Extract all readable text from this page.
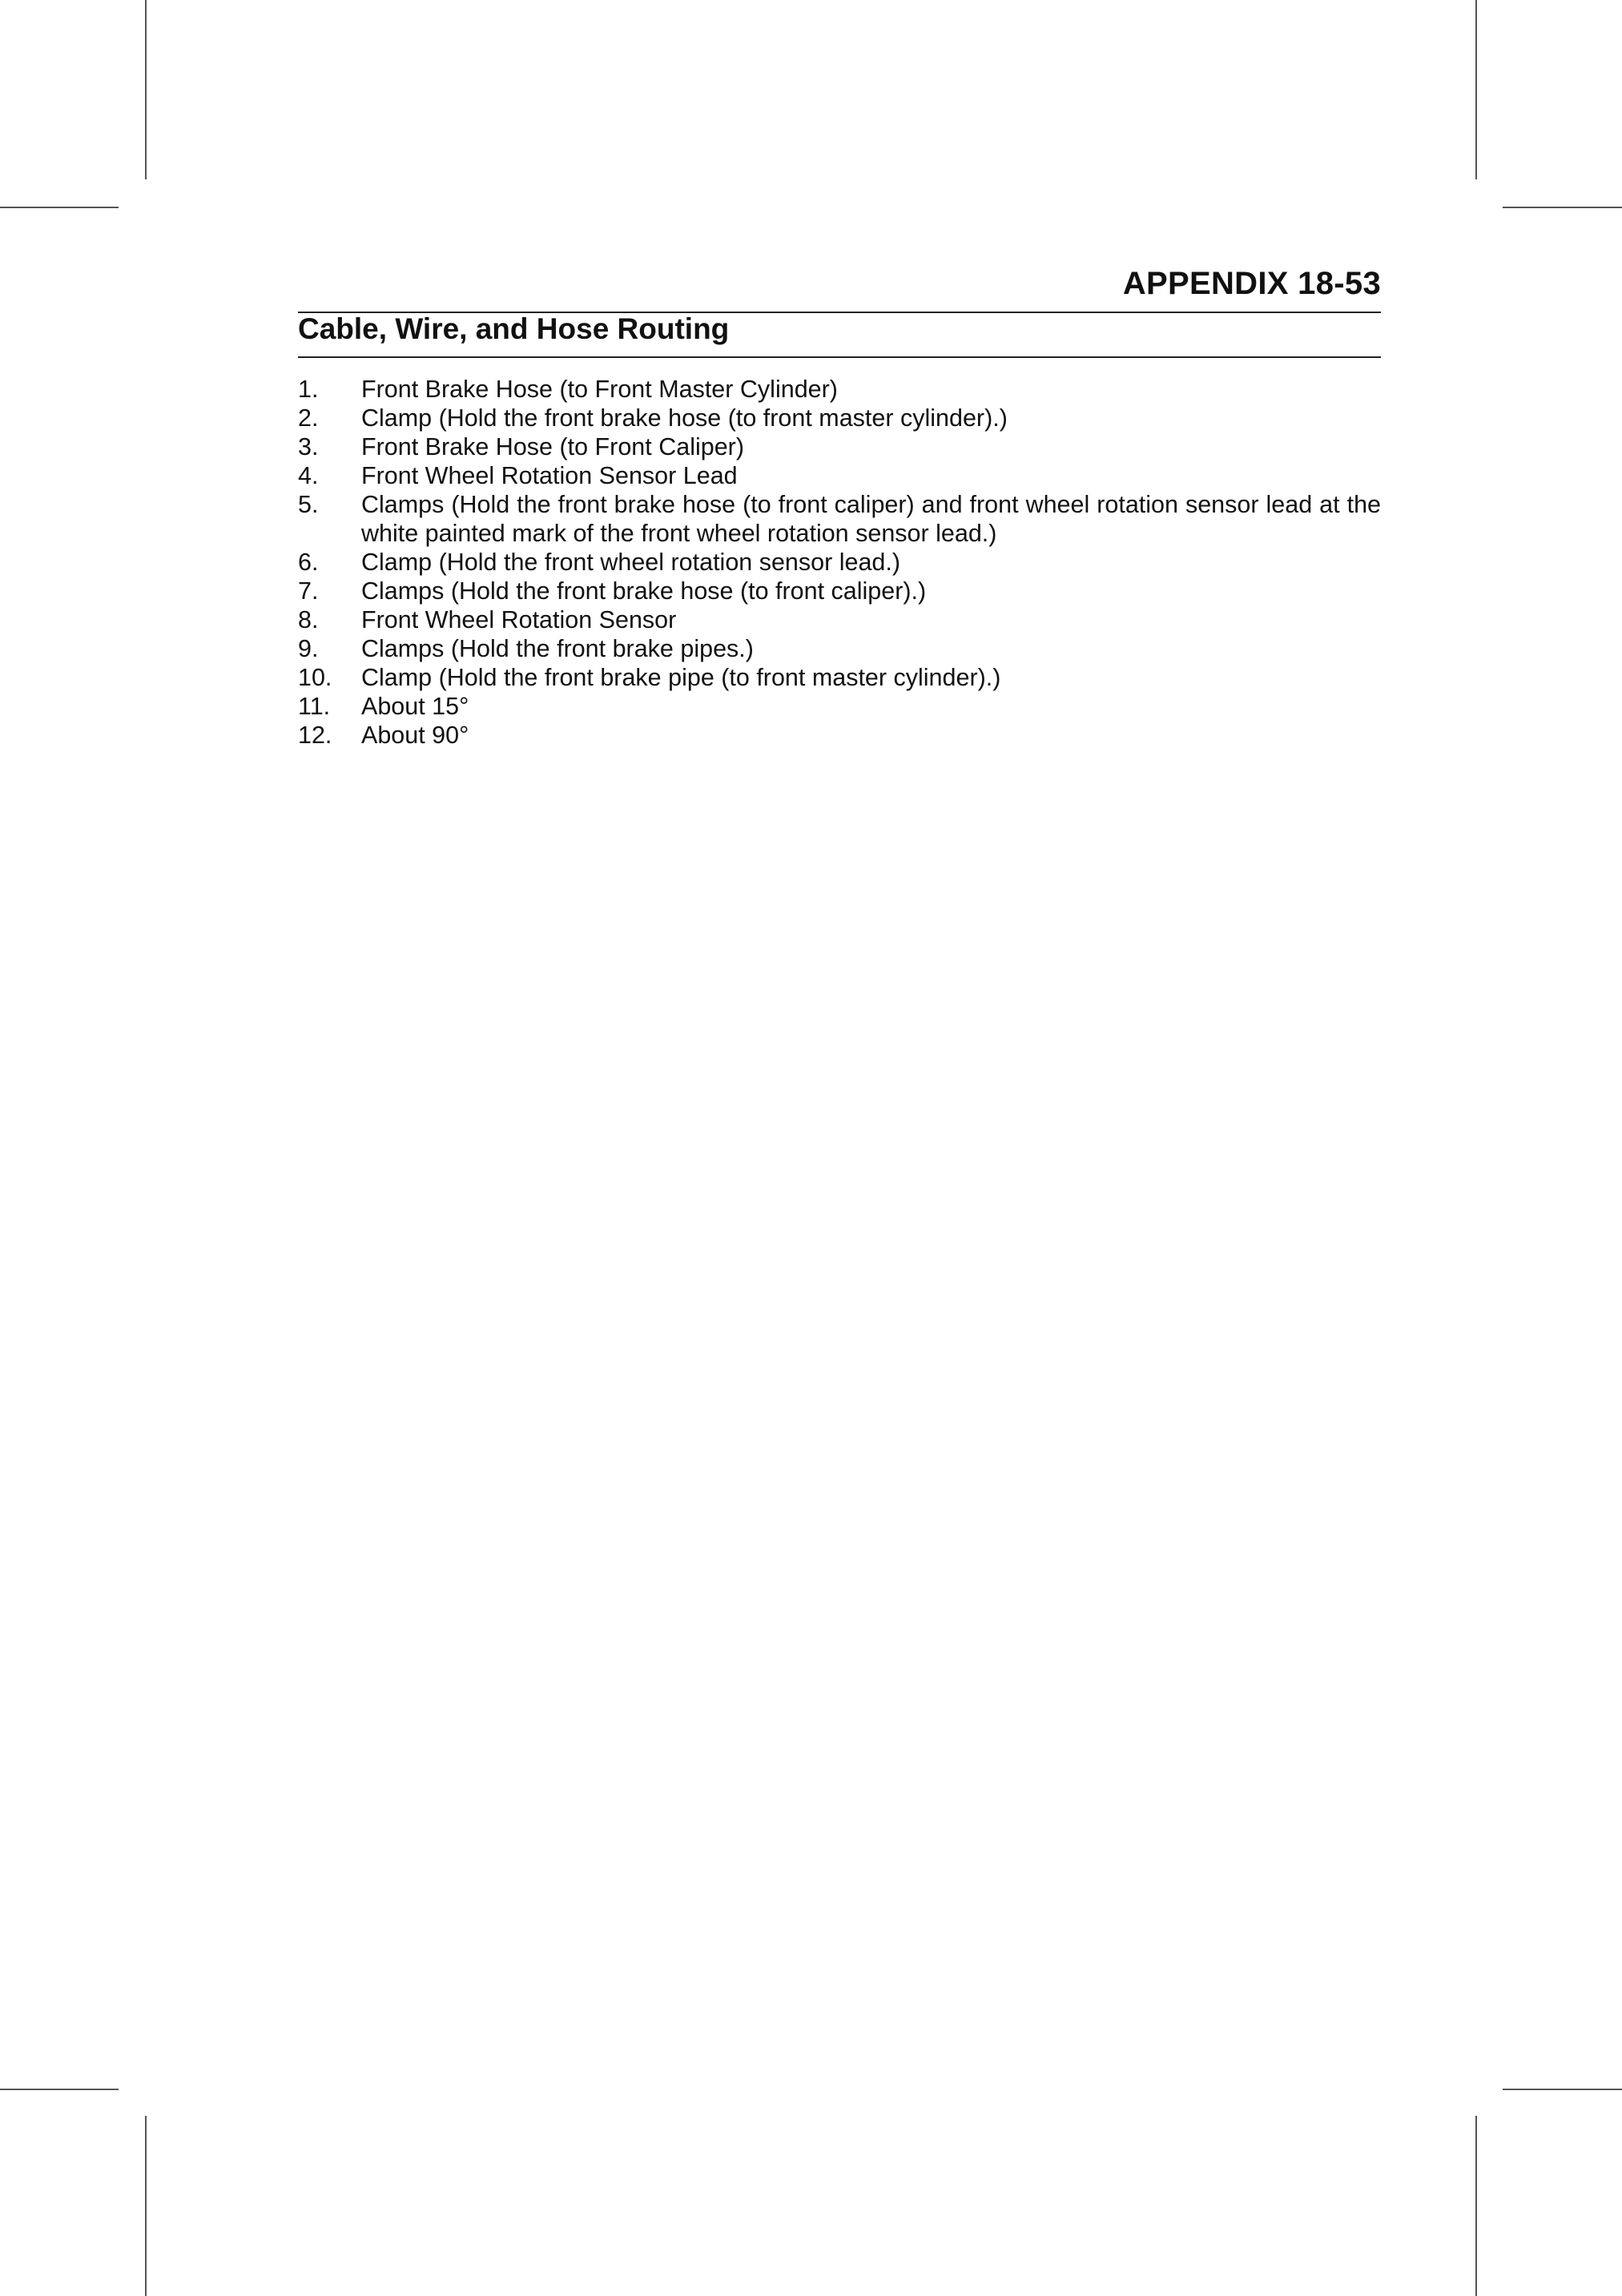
APPENDIX 18-53
Cable, Wire, and Hose Routing
1.	Front Brake Hose (to Front Master Cylinder)
2.	Clamp (Hold the front brake hose (to front master cylinder).)
3.	Front Brake Hose (to Front Caliper)
4.	Front Wheel Rotation Sensor Lead
5.	Clamps (Hold the front brake hose (to front caliper) and front wheel rotation sensor lead at the white painted mark of the front wheel rotation sensor lead.)
6.	Clamp (Hold the front wheel rotation sensor lead.)
7.	Clamps (Hold the front brake hose (to front caliper).)
8.	Front Wheel Rotation Sensor
9.	Clamps (Hold the front brake pipes.)
10.	Clamp (Hold the front brake pipe (to front master cylinder).)
11.	About 15°
12.	About 90°
